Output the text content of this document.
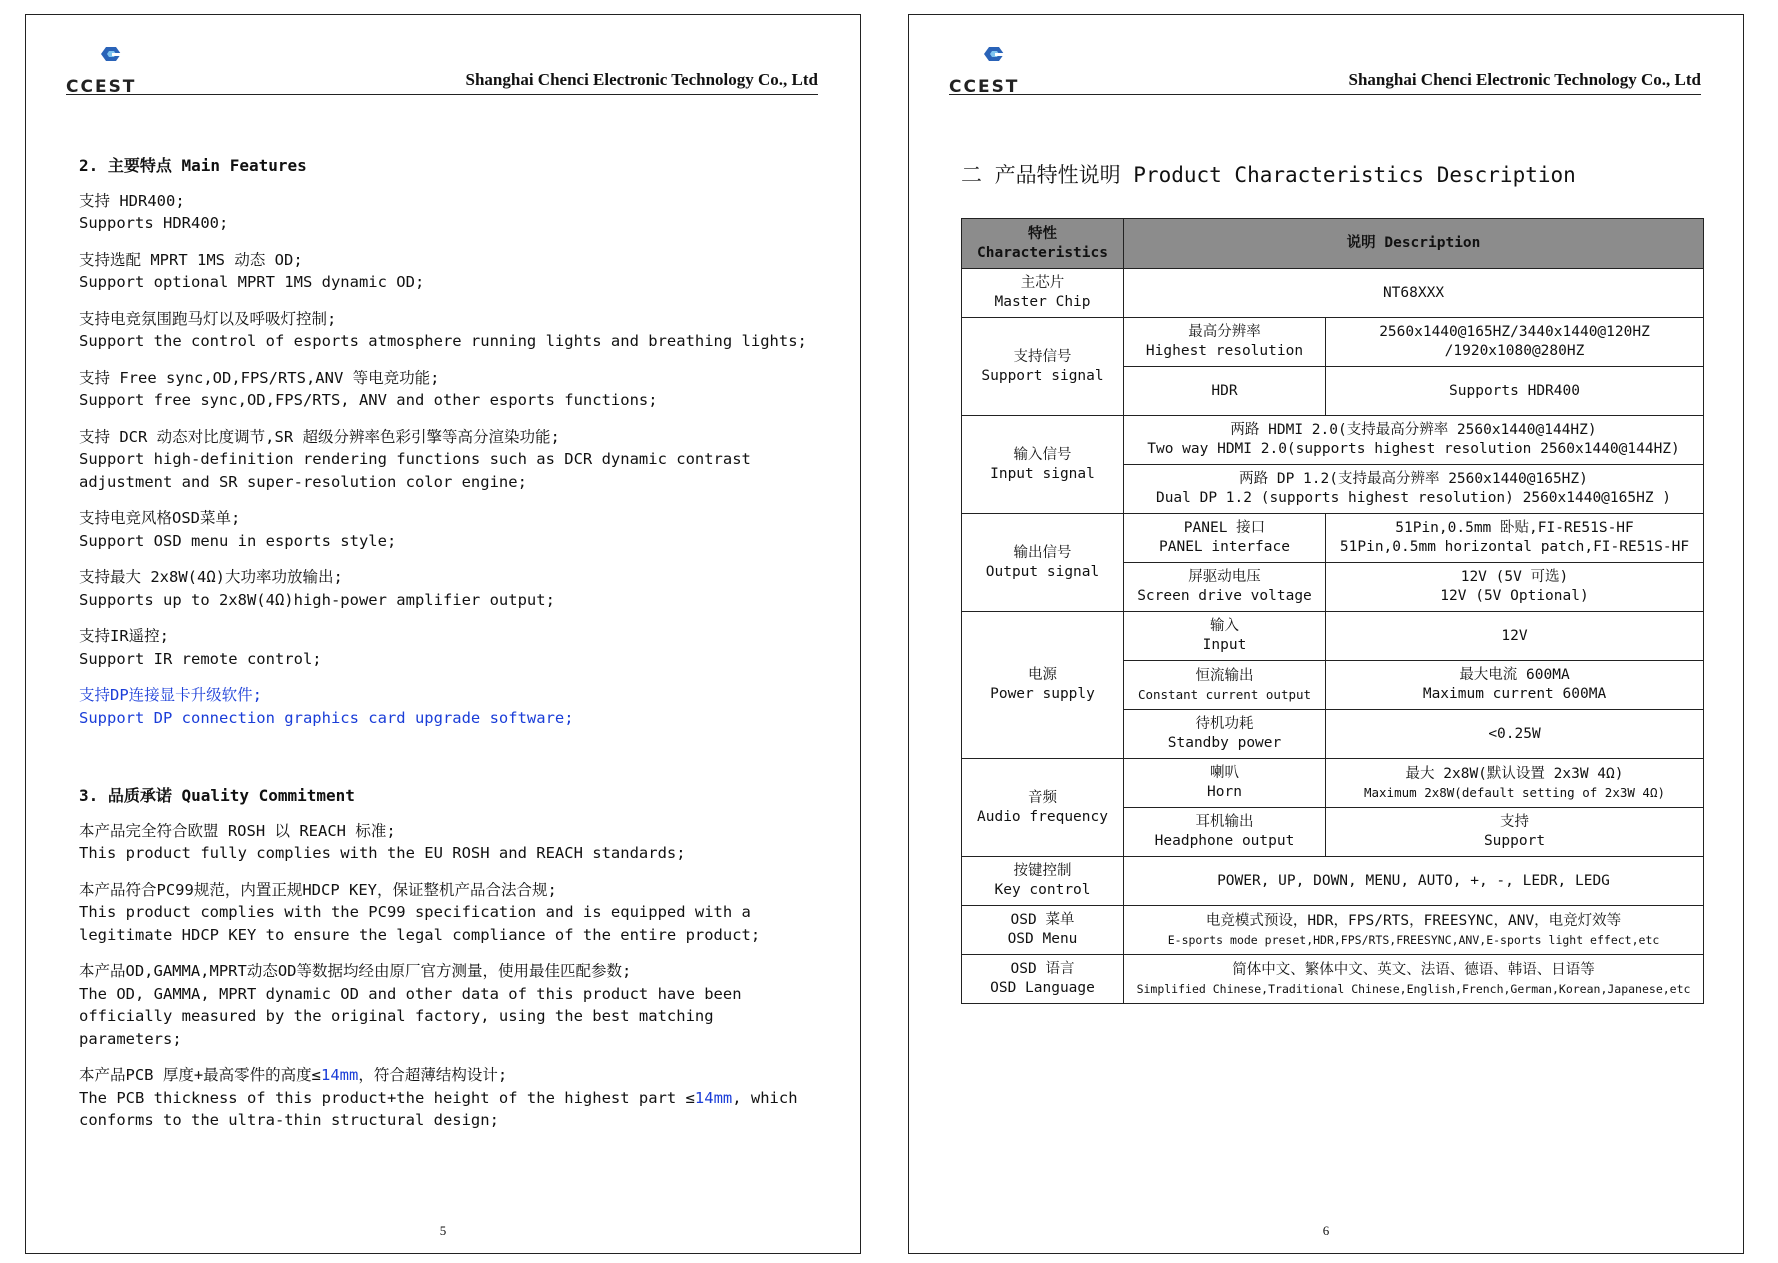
CCEST	Shanghai Chenci Electronic Technology Co., Ltd
2. 主要特点 Main Features
支持 HDR400;
Supports HDR400;
支持选配 MPRT 1MS 动态 OD;
Support optional MPRT 1MS dynamic OD;
支持电竞氛围跑马灯以及呼吸灯控制;
Support the control of esports atmosphere running lights and breathing lights;
支持 Free sync,OD,FPS/RTS,ANV 等电竞功能;
Support free sync,OD,FPS/RTS, ANV and other esports functions;
支持 DCR 动态对比度调节,SR 超级分辨率色彩引擎等高分渲染功能;
Support high-definition rendering functions such as DCR dynamic contrast adjustment and SR super-resolution color engine;
支持电竞风格OSD菜单;
Support OSD menu in esports style;
支持最大 2x8W(4Ω)大功率功放输出;
Supports up to 2x8W(4Ω)high-power amplifier output;
支持IR遥控;
Support IR remote control;
支持DP连接显卡升级软件;
Support DP connection graphics card upgrade software;
3. 品质承诺 Quality Commitment
本产品完全符合欧盟 ROSH 以 REACH 标准;
This product fully complies with the EU ROSH and REACH standards;
本产品符合PC99规范，内置正规HDCP KEY，保证整机产品合法合规;
This product complies with the PC99 specification and is equipped with a legitimate HDCP KEY to ensure the legal compliance of the entire product;
本产品OD,GAMMA,MPRT动态OD等数据均经由原厂官方测量，使用最佳匹配参数;
The OD, GAMMA, MPRT dynamic OD and other data of this product have been officially measured by the original factory, using the best matching parameters;
本产品PCB 厚度+最高零件的高度≤14mm，符合超薄结构设计;
The PCB thickness of this product+the height of the highest part ≤14mm, which conforms to the ultra-thin structural design;
5
CCEST	Shanghai Chenci Electronic Technology Co., Ltd
二 产品特性说明 Product Characteristics Description
特性
Characteristics	说明 Description	

主芯片
Master Chip	NT68XXX	

支持信号
Support signal	最高分辨率
Highest resolution	2560x1440@165HZ/3440x1440@120HZ
/1920x1080@280HZ

	HDR	Supports HDR400

输入信号
Input signal	两路 HDMI 2.0(支持最高分辨率 2560x1440@144HZ)
Two way HDMI 2.0(supports highest resolution 2560x1440@144HZ)	

	两路 DP 1.2(支持最高分辨率 2560x1440@165HZ)
Dual DP 1.2 (supports highest resolution) 2560x1440@165HZ )	

输出信号
Output signal	PANEL 接口
PANEL interface	51Pin,0.5mm 卧贴,FI-RE51S-HF
51Pin,0.5mm horizontal patch,FI-RE51S-HF

	屏驱动电压
Screen drive voltage	12V (5V 可选)
12V (5V Optional)

电源
Power supply	输入
Input	12V

	恒流输出
Constant current output	最大电流 600MA
Maximum current 600MA

	待机功耗
Standby power	<0.25W

音频
Audio frequency	喇叭
Horn	最大 2x8W(默认设置 2x3W 4Ω)
Maximum 2x8W(default setting of 2x3W 4Ω)

	耳机输出
Headphone output	支持
Support

按键控制
Key control	POWER, UP, DOWN, MENU, AUTO, +, -, LEDR, LEDG	

OSD 菜单
OSD Menu	电竞模式预设，HDR，FPS/RTS，FREESYNC，ANV，电竞灯效等
E-sports mode preset,HDR,FPS/RTS,FREESYNC,ANV,E-sports light effect,etc	

OSD 语言
OSD Language	简体中文、繁体中文、英文、法语、德语、韩语、日语等
Simplified Chinese,Traditional Chinese,English,French,German,Korean,Japanese,etc	
6
